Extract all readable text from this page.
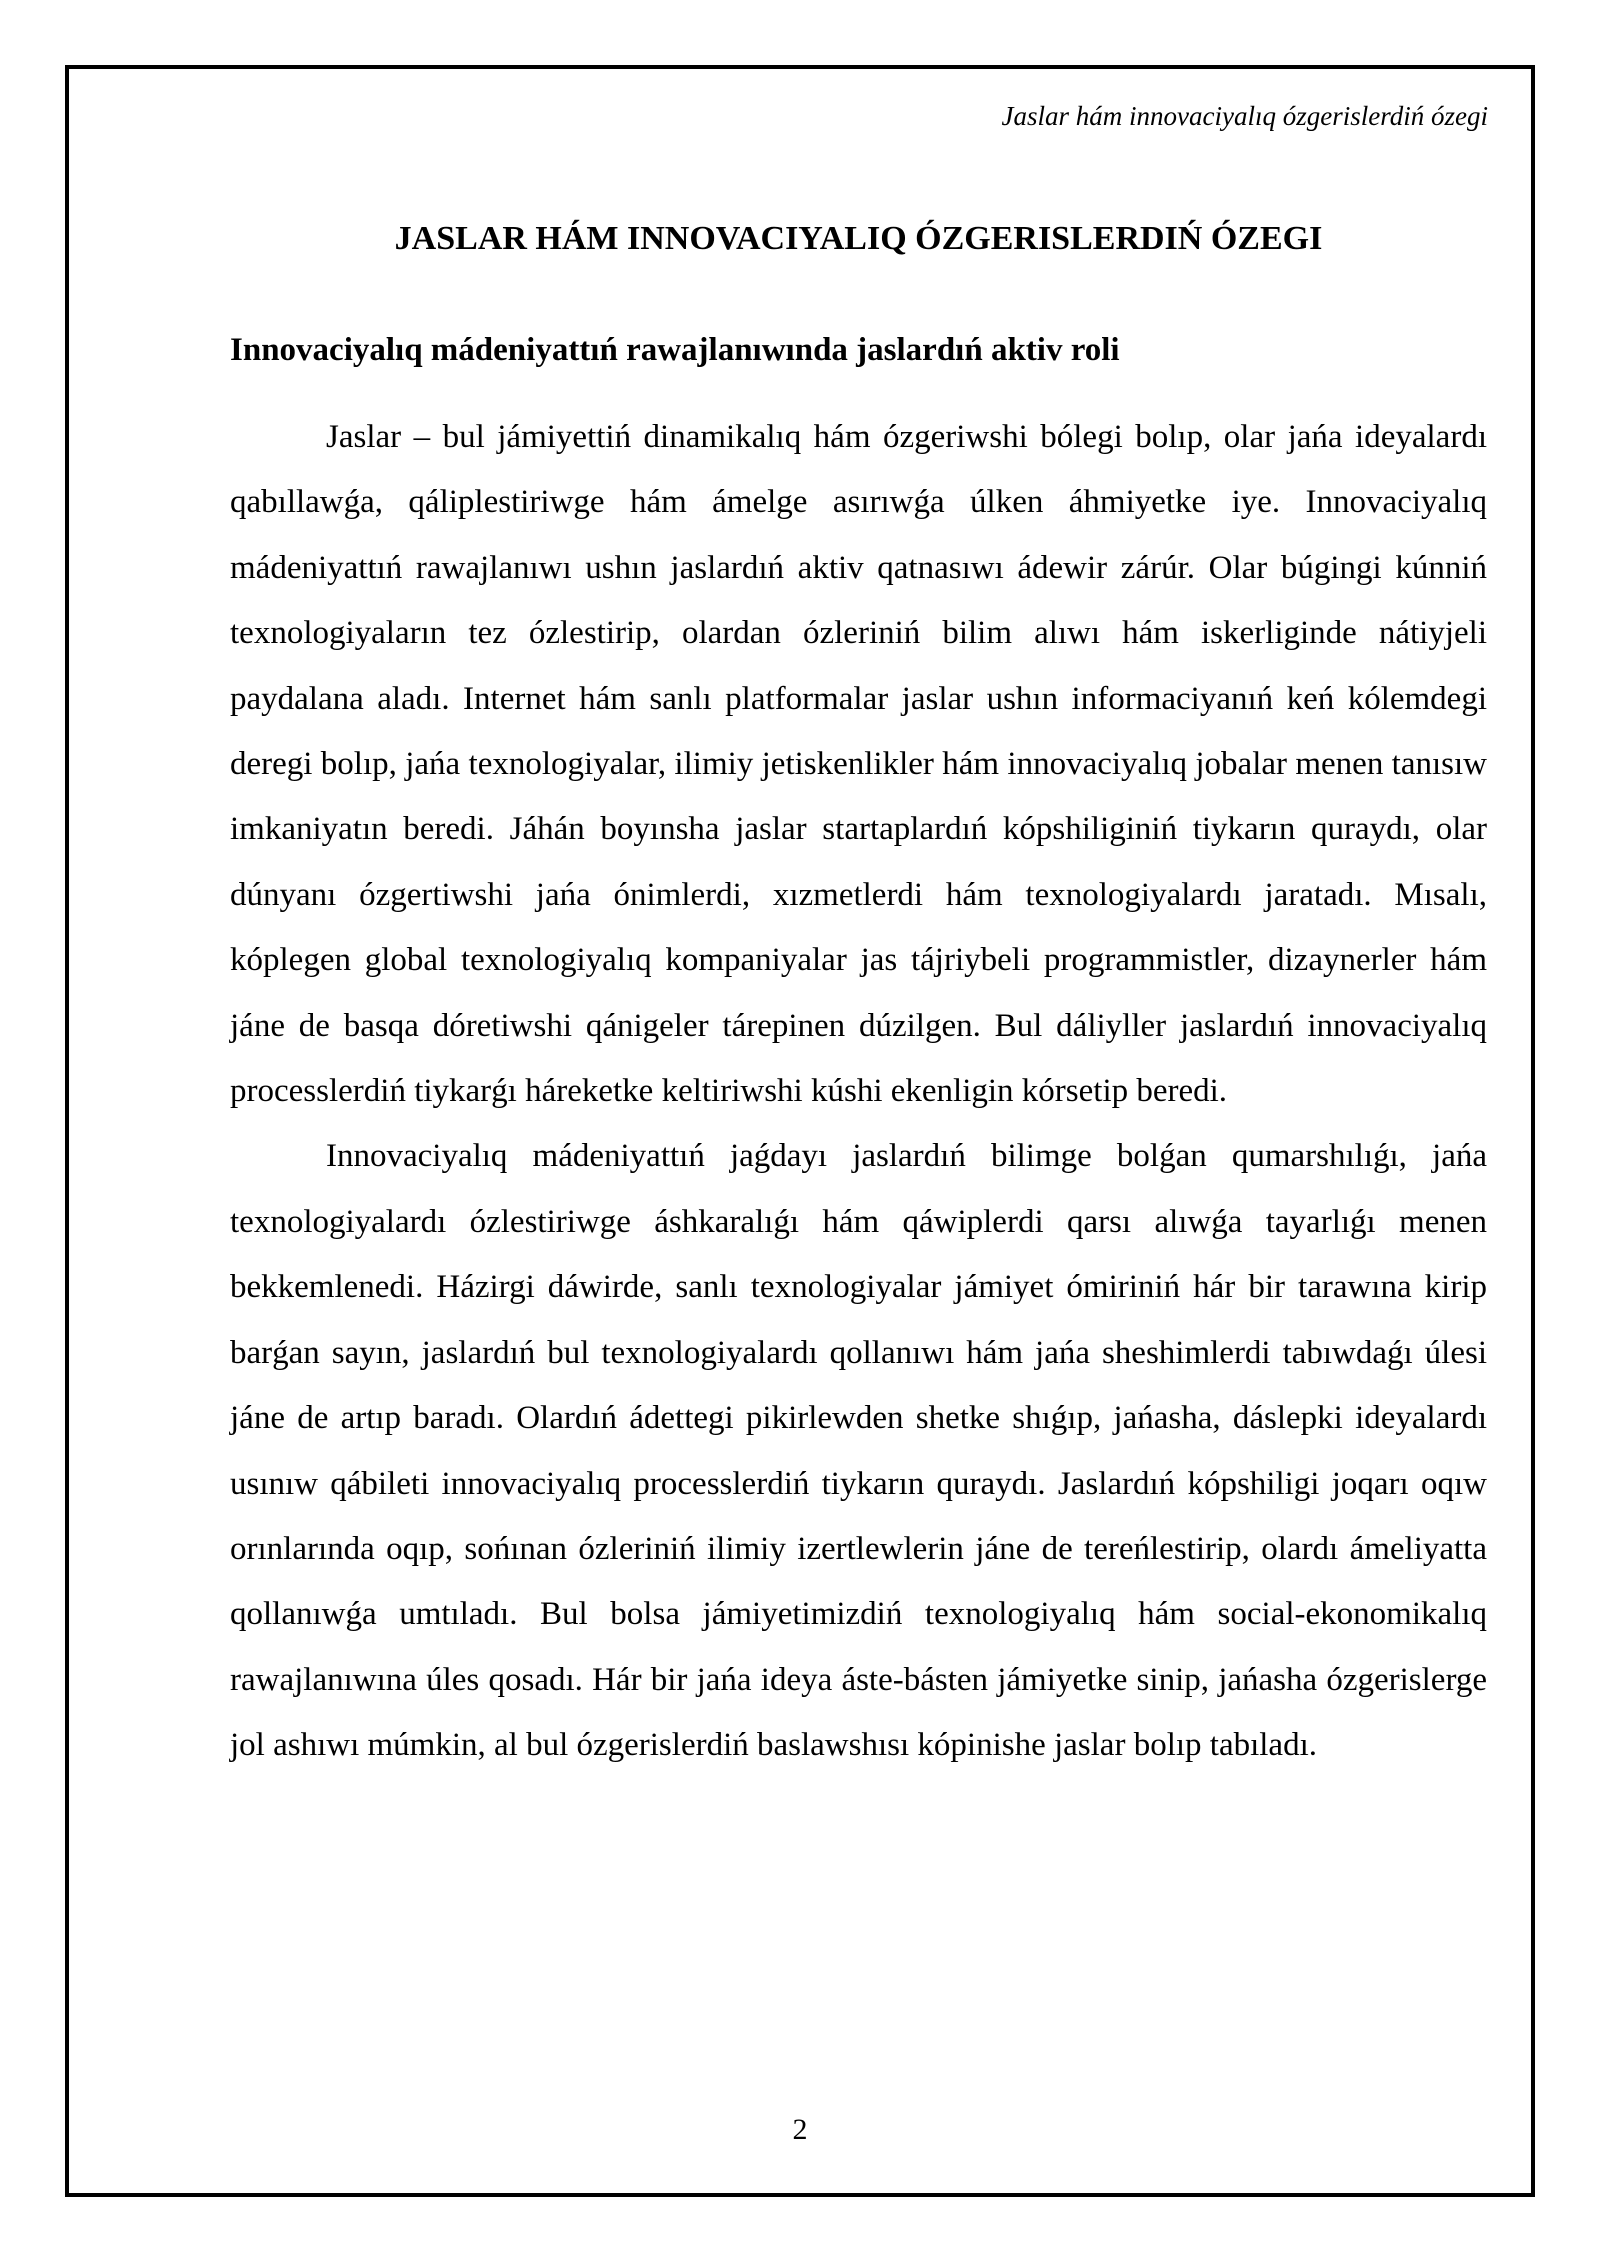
Jaslar hám innovaciyalıq ózgerislerdiń ózegi
JASLAR HÁM INNOVACIYALIQ ÓZGERISLERDIŃ ÓZEGI
Innovaciyalıq mádeniyattıń rawajlanıwında jaslardıń aktiv roli

Jaslar – bul jámiyettiń dinamikalıq hám ózgeriwshi bólegi bolıp, olar jańa ideyalardı qabıllawǵa, qáliplestiriwge hám ámelge asırıwǵa úlken áhmiyetke iye. Innovaciyalıq mádeniyattıń rawajlanıwı ushın jaslardıń aktiv qatnasıwı ádewir zárúr. Olar búgingi kúnniń texnologiyaların tez ózlestirip, olardan ózleriniń bilim alıwı hám iskerliginde nátiyjeli paydalana aladı. Internet hám sanlı platformalar jaslar ushın informaciyanıń keń kólemdegi deregi bolıp, jańa texnologiyalar, ilimiy jetiskenlikler hám innovaciyalıq jobalar menen tanısıw imkaniyatın beredi. Jáhán boyınsha jaslar startaplardıń kópshiliginiń tiykarın quraydı, olar dúnyanı ózgertiwshi jańa ónimlerdi, xızmetlerdi hám texnologiyalardı jaratadı. Mısalı, kóplegen global texnologiyalıq kompaniyalar jas tájriybeli programmistler, dizaynerler hám jáne de basqa dóretiwshi qánigeler tárepinen dúzilgen. Bul dáliyller jaslardıń innovaciyalıq processlerdiń tiykarǵı háreketke keltiriwshi kúshi ekenligin kórsetip beredi.

Innovaciyalıq mádeniyattıń jaǵdayı jaslardıń bilimge bolǵan qumarshılıǵı, jańa texnologiyalardı ózlestiriwge áshkaralıǵı hám qáwiplerdi qarsı alıwǵa tayarlıǵı menen bekkemlenedi. Házirgi dáwirde, sanlı texnologiyalar jámiyet ómiriniń hár bir tarawına kirip barǵan sayın, jaslardıń bul texnologiyalardı qollanıwı hám jańa sheshimlerdi tabıwdaǵı úlesi jáne de artıp baradı. Olardıń ádettegi pikirlewden shetke shıǵıp, jańasha, dáslepki ideyalardı usınıw qábileti innovaciyalıq processlerdiń tiykarın quraydı. Jaslardıń kópshiligi joqarı oqıw orınlarında oqıp, sońınan ózleriniń ilimiy izertlewlerin jáne de tereńlestirip, olardı ámeliyatta qollanıwǵa umtıladı. Bul bolsa jámiyetimizdiń texnologiyalıq hám social-ekonomikalıq rawajlanıwına úles qosadı. Hár bir jańa ideya áste-básten jámiyetke sinip, jańasha ózgerislerge jol ashıwı múmkin, al bul ózgerislerdiń baslawshısı kópinishe jaslar bolıp tabıladı.

2
